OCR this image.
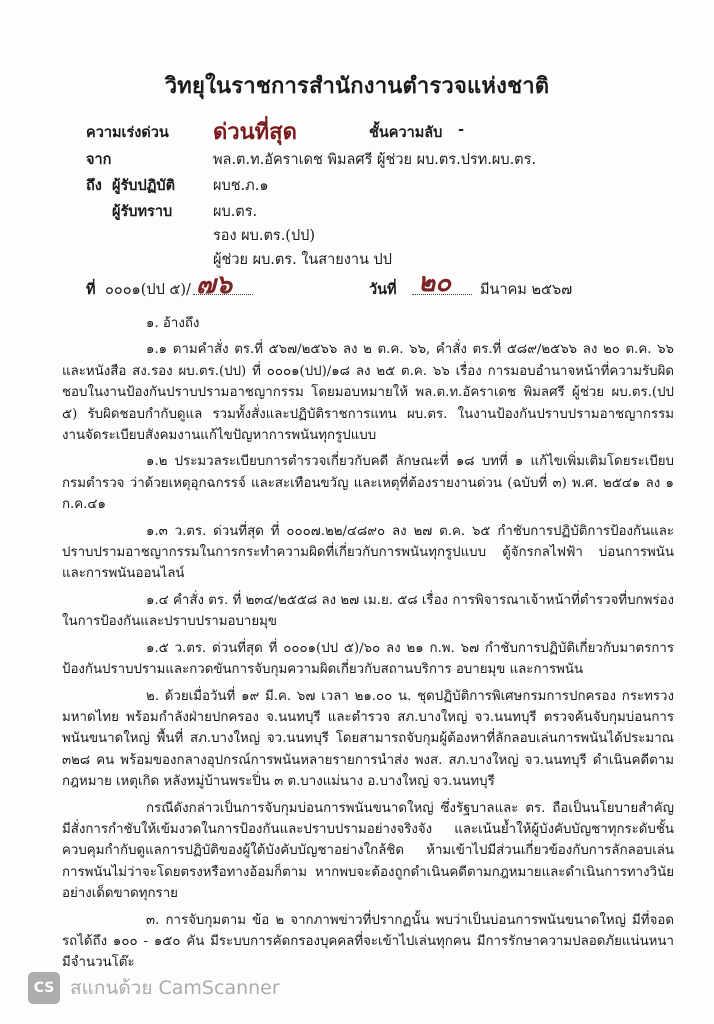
วิทยุในราชการสำนักงานตำรวจแห่งชาติ
ความเร่งด่วน ด่วนที่สุด	ชั้นความลับ -
จาก	พล.ต.ท.อัคราเดช พิมลศรี ผู้ช่วย ผบ.ตร.ปรท.ผบ.ตร.
ถึง ผู้รับปฏิบัติ	ผบช.ภ.๑
ผู้รับทราบ	ผบ.ตร.
รอง ผบ.ตร.(ปป)
ผู้ช่วย ผบ.ตร. ในสายงาน ปป
ที่ ๐๐๐๑(ปป ๕)/ ๗๖	วันที่ ๒๐ มีนาคม ๒๕๖๗

๑. อ้างถึง

๑.๑ ตามคำสั่ง ตร.ที่ ๕๖๗/๒๕๖๖ ลง ๒ ต.ค. ๖๖, คำสั่ง ตร.ที่ ๕๘๙/๒๕๖๖ ลง ๒๐ ต.ค. ๖๖ และหนังสือ สง.รอง ผบ.ตร.(ปป) ที่ ๐๐๐๑(ปป)/๑๘ ลง ๒๕ ต.ค. ๖๖ เรื่อง การมอบอำนาจหน้าที่ความรับผิดชอบในงานป้องกันปราบปรามอาชญากรรม โดยมอบหมายให้ พล.ต.ท.อัคราเดช พิมลศรี ผู้ช่วย ผบ.ตร.(ปป ๕) รับผิดชอบกำกับดูแล รวมทั้งสั่งและปฏิบัติราชการแทน ผบ.ตร. ในงานป้องกันปราบปรามอาชญากรรม งานจัดระเบียบสังคมงานแก้ไขปัญหาการพนันทุกรูปแบบ

๑.๒ ประมวลระเบียบการตำรวจเกี่ยวกับคดี ลักษณะที่ ๑๘ บทที่ ๑ แก้ไขเพิ่มเติมโดยระเบียบกรมตำรวจ ว่าด้วยเหตุอุกฉกรรจ์ และสะเทือนขวัญ และเหตุที่ต้องรายงานด่วน (ฉบับที่ ๓) พ.ศ. ๒๕๔๑ ลง ๑ ก.ค.๔๑

๑.๓ ว.ตร. ด่วนที่สุด ที่ ๐๐๐๗.๒๒/๔๘๙๐ ลง ๒๗ ต.ค. ๖๕ กำชับการปฏิบัติการป้องกันและปราบปรามอาชญากรรมในการกระทำความผิดที่เกี่ยวกับการพนันทุกรูปแบบ ตู้จักรกลไฟฟ้า บ่อนการพนันและการพนันออนไลน์

๑.๔ คำสั่ง ตร. ที่ ๒๓๔/๒๕๕๘ ลง ๒๗ เม.ย. ๕๘ เรื่อง การพิจารณาเจ้าหน้าที่ตำรวจที่บกพร่องในการป้องกันและปราบปรามอบายมุข

๑.๕ ว.ตร. ด่วนที่สุด ที่ ๐๐๐๑(ปป ๕)/๖๐ ลง ๒๑ ก.พ. ๖๗ กำชับการปฏิบัติเกี่ยวกับมาตรการป้องกันปราบปรามและกวดขันการจับกุมความผิดเกี่ยวกับสถานบริการ อบายมุข และการพนัน

๒. ด้วยเมื่อวันที่ ๑๙ มี.ค. ๖๗ เวลา ๒๑.๐๐ น. ชุดปฏิบัติการพิเศษกรมการปกครอง กระทรวงมหาดไทย พร้อมกำลังฝ่ายปกครอง จ.นนทบุรี และตำรวจ สภ.บางใหญ่ จว.นนทบุรี ตรวจค้นจับกุมบ่อนการพนันขนาดใหญ่ พื้นที่ สภ.บางใหญ่ จว.นนทบุรี โดยสามารถจับกุมผู้ต้องหาที่ลักลอบเล่นการพนันได้ประมาณ ๓๒๘ คน พร้อมของกลางอุปกรณ์การพนันหลายรายการนำส่ง พงส. สภ.บางใหญ่ จว.นนทบุรี ดำเนินคดีตามกฎหมาย เหตุเกิด หลังหมู่บ้านพระปิ่น ๓ ต.บางแม่นาง อ.บางใหญ่ จว.นนทบุรี

กรณีดังกล่าวเป็นการจับกุมบ่อนการพนันขนาดใหญ่ ซึ่งรัฐบาลและ ตร. ถือเป็นนโยบายสำคัญมีสั่งการกำชับให้เข้มงวดในการป้องกันและปราบปรามอย่างจริงจัง และเน้นย้ำให้ผู้บังคับบัญชาทุกระดับชั้น ควบคุมกำกับดูแลการปฏิบัติของผู้ใต้บังคับบัญชาอย่างใกล้ชิด ห้ามเข้าไปมีส่วนเกี่ยวข้องกับการลักลอบเล่นการพนันไม่ว่าจะโดยตรงหรือทางอ้อมก็ตาม หากพบจะต้องถูกดำเนินคดีตามกฎหมายและดำเนินการทางวินัยอย่างเด็ดขาดทุกราย

๓. การจับกุมตาม ข้อ ๒ จากภาพข่าวที่ปรากฏนั้น พบว่าเป็นบ่อนการพนันขนาดใหญ่ มีที่จอดรถได้ถึง ๑๐๐ - ๑๕๐ คัน มีระบบการคัดกรองบุคคลที่จะเข้าไปเล่นทุกคน มีการรักษาความปลอดภัยแน่นหนา มีจำนวนโต๊ะ

CS สแกนด้วย CamScanner
